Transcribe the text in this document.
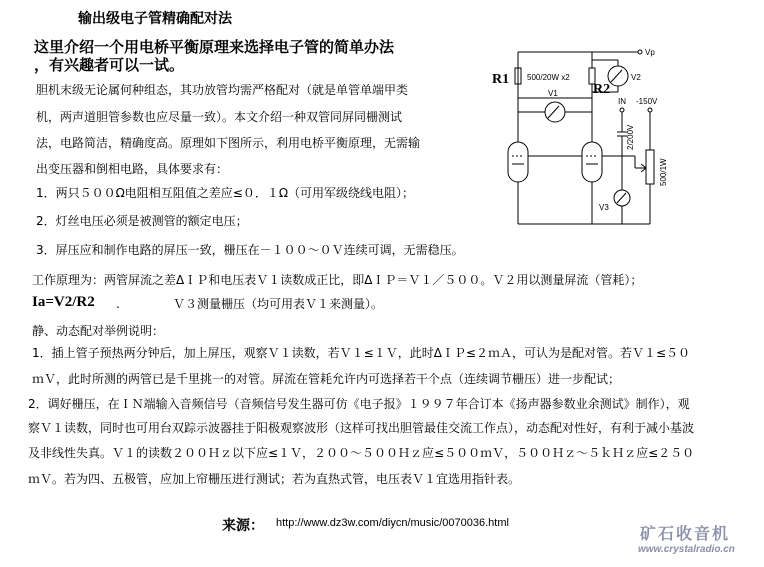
输出级电子管精确配对法
这里介绍一个用电桥平衡原理来选择电子管的简单办法
，有兴趣者可以一试。
胆机末级无论属何种组态，其功放管均需严格配对（就是单管单端甲类
机，两声道胆管参数也应尽量一致）。本文介绍一种双管同屏同栅测试
法，电路简洁，精确度高。原理如下图所示，利用电桥平衡原理，无需输
出变压器和倒相电路，具体要求有：
1．两只５００Ω电阻相互阻值之差应≤０．１Ω（可用军级绕线电阻）；
2．灯丝电压必须是被测管的额定电压；
3．屏压应和制作电路的屏压一致，栅压在－１００～０Ｖ连续可调，无需稳压。
工作原理为：两管屏流之差ΔＩＰ和电压表Ｖ１读数成正比，即ΔＩＰ＝Ｖ１／５００。Ｖ２用以测量屏流（管耗）；
Ia=V2/R2 .	Ｖ３测量栅压（均可用表Ｖ１来测量）。
静、动态配对举例说明：
1．插上管子预热两分钟后，加上屏压，观察Ｖ１读数，若Ｖ１≤１Ｖ，此时ΔＩＰ≤２ｍＡ，可认为是配对管。若Ｖ１≤５０
ｍＶ，此时所测的两管已是千里挑一的对管。屏流在管耗允许内可选择若干个点（连续调节栅压）进一步配试；
2．调好栅压，在ＩＮ端输入音频信号（音频信号发生器可仿《电子报》１９９７年合订本《扬声器参数业余测试》制作），观
察Ｖ１读数，同时也可用台双踪示波器挂于阳极观察波形（这样可找出胆管最佳交流工作点），动态配对性好，有利于减小基波
及非线性失真。Ｖ１的读数２００Ｈｚ以下应≤１Ｖ，２００～５００Ｈｚ应≤５００ｍＶ，５００Ｈｚ～５ｋＨｚ应≤２５０
ｍＶ。若为四、五极管，应加上帘栅压进行测试；若为直热式管，电压表Ｖ１宜选用指针表。
来源： http://www.dz3w.com/diycn/music/0070036.html
矿石收音机
www.crystalradio.cn
R1
R2
500/20W x2
V1
V2
V3
Vp
IN -150V
2/200V
500/1W
